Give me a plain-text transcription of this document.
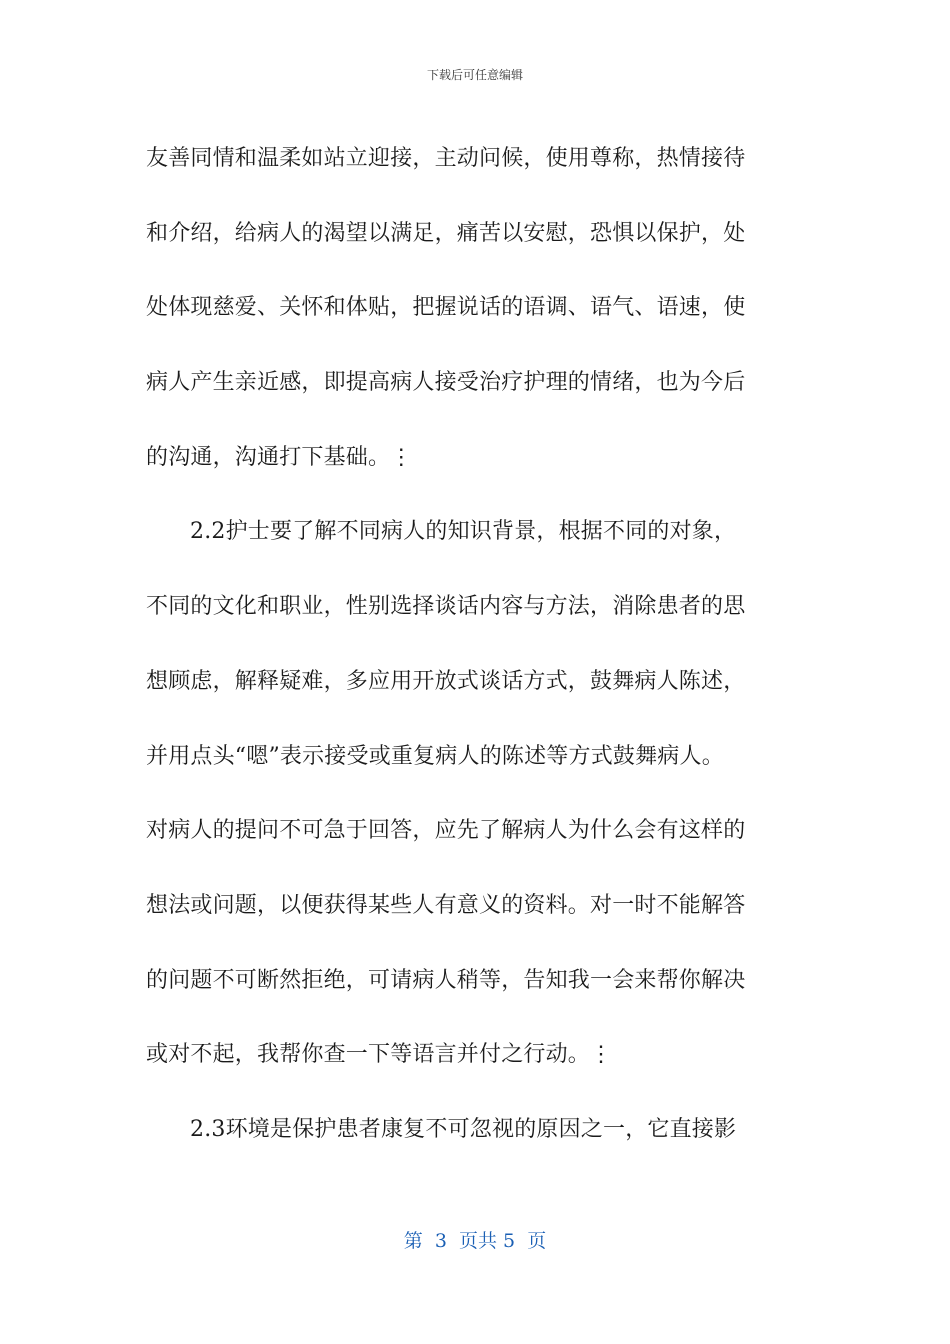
下载后可任意编辑
友善同情和温柔如站立迎接，主动问候，使用尊称，热情接待
和介绍，给病人的渴望以满足，痛苦以安慰，恐惧以保护，处
处体现慈爱、关怀和体贴，把握说话的语调、语气、语速，使
病人产生亲近感，即提高病人接受治疗护理的情绪，也为今后
的沟通，沟通打下基础。⋮
2.2护士要了解不同病人的知识背景，根据不同的对象，
不同的文化和职业，性别选择谈话内容与方法，消除患者的思
想顾虑，解释疑难，多应用开放式谈话方式，鼓舞病人陈述，
并用点头“嗯”表示接受或重复病人的陈述等方式鼓舞病人。
对病人的提问不可急于回答，应先了解病人为什么会有这样的
想法或问题，以便获得某些人有意义的资料。对一时不能解答
的问题不可断然拒绝，可请病人稍等，告知我一会来帮你解决
或对不起，我帮你查一下等语言并付之行动。⋮
2.3环境是保护患者康复不可忽视的原因之一，它直接影
第  3  页共 5  页
